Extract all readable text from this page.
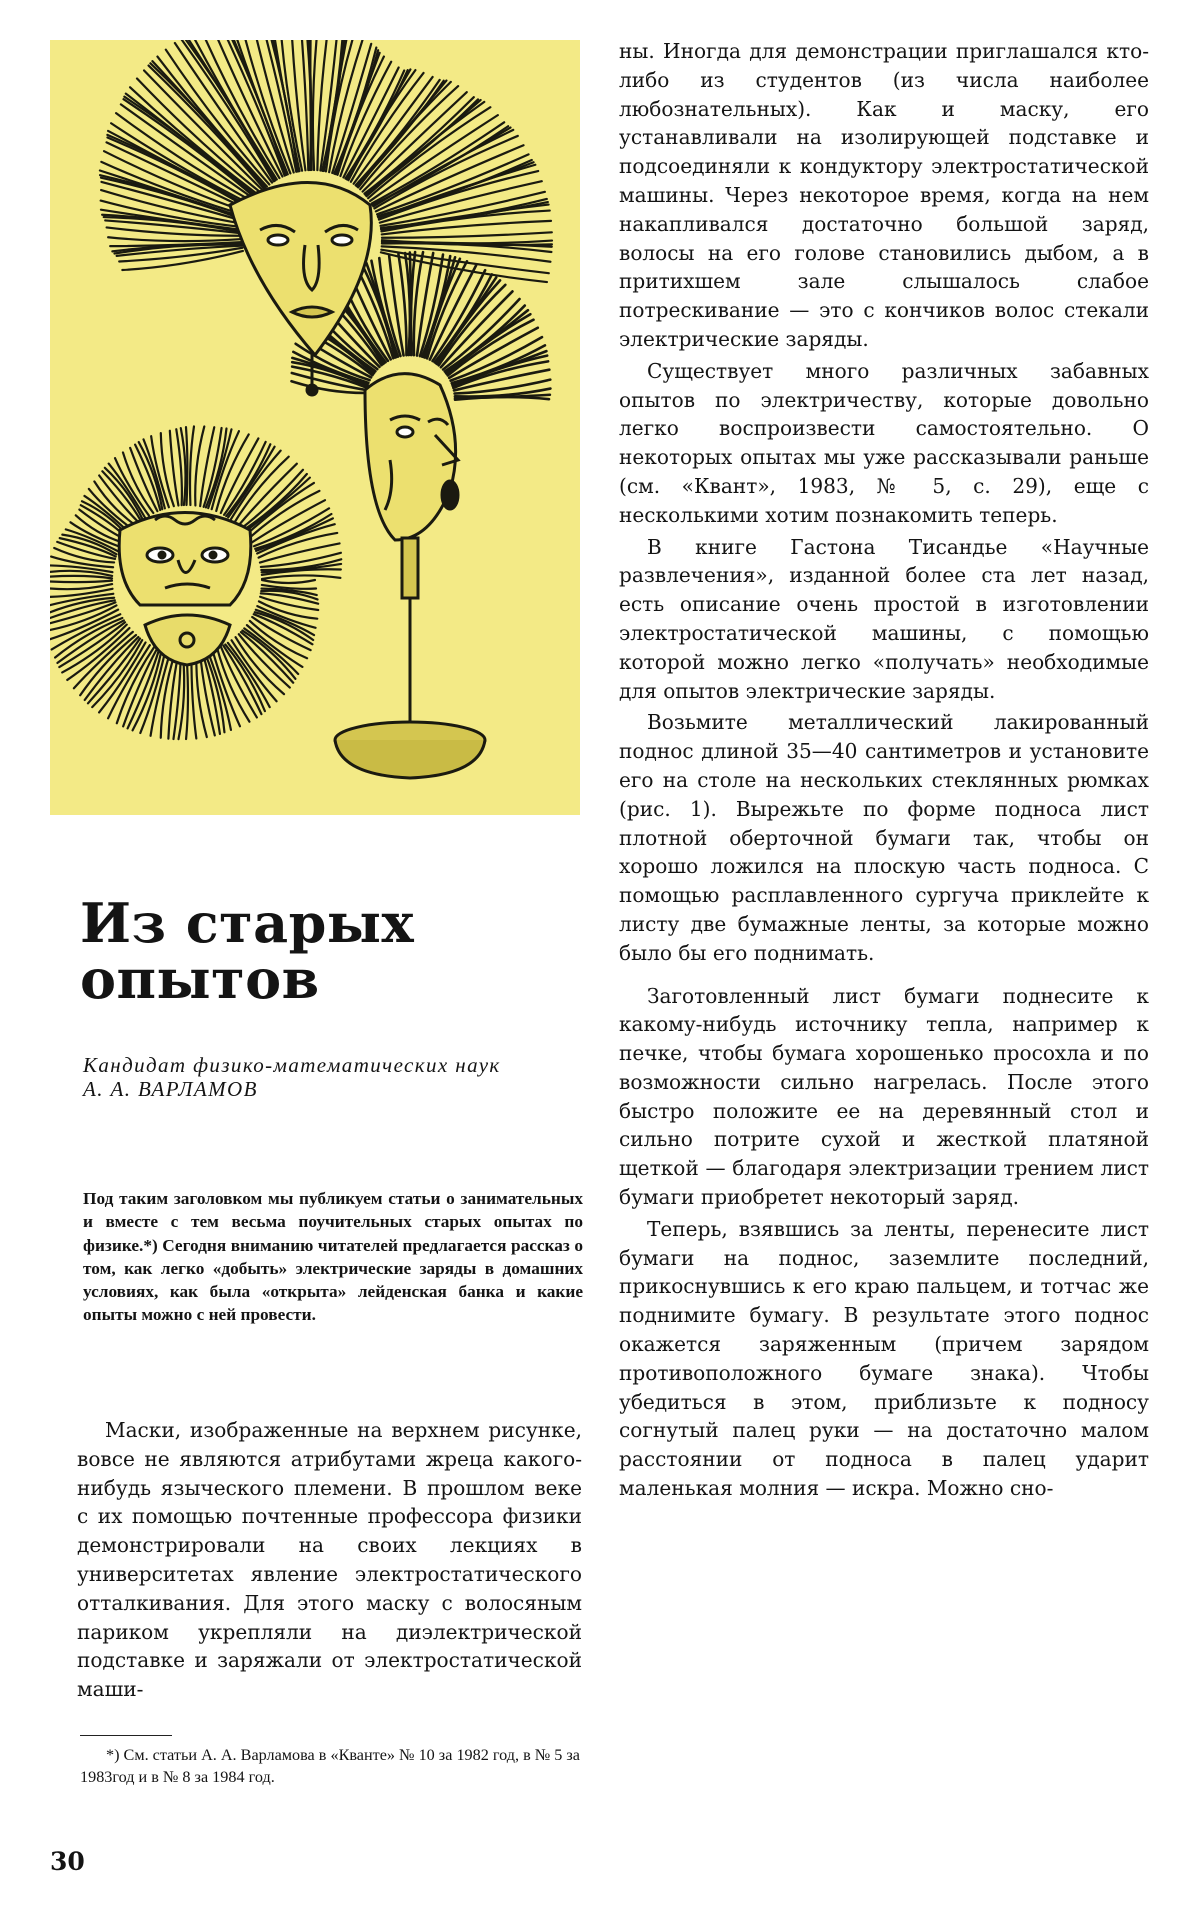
Из старых
опытов
Кандидат физико-математических наук
А. А. ВАРЛАМОВ

Под таким заголовком мы публикуем статьи о занимательных и вместе с тем весьма поучительных старых опытах по физике.*) Сегодня вниманию читателей предлагается рассказ о том, как легко «добыть» электрические заряды в домашних условиях, как была «открыта» лейденская банка и какие опыты можно с ней провести.

Маски, изображенные на верхнем рисунке, вовсе не являются атрибутами жреца какого-нибудь языческого племени. В прошлом веке с их помощью почтенные профессора физики демонстрировали на своих лекциях в университетах явление электростатического отталкивания. Для этого маску с волосяным париком укрепляли на диэлектрической подставке и заряжали от электростатической маши-

*) См. статьи А. А. Варламова в «Кванте» № 10 за 1982 год, в № 5 за 1983год и в № 8 за 1984 год.

ны. Иногда для демонстрации приглашался кто-либо из студентов (из числа наиболее любознательных). Как и маску, его устанавливали на изолирующей подставке и подсоединяли к кондуктору электростатической машины. Через некоторое время, когда на нем накапливался достаточно большой заряд, волосы на его голове становились дыбом, а в притихшем зале слышалось слабое потрескивание — это с кончиков волос стекали электрические заряды.

Существует много различных забавных опытов по электричеству, которые довольно легко воспроизвести самостоятельно. О некоторых опытах мы уже рассказывали раньше (см. «Квант», 1983, № 5, с. 29), еще с несколькими хотим познакомить теперь.

В книге Гастона Тисандье «Научные развлечения», изданной более ста лет назад, есть описание очень простой в изготовлении электростатической машины, с помощью которой можно легко «получать» необходимые для опытов электрические заряды.

Возьмите металлический лакированный поднос длиной 35—40 сантиметров и установите его на столе на нескольких стеклянных рюмках (рис. 1). Вырежьте по форме подноса лист плотной оберточной бумаги так, чтобы он хорошо ложился на плоскую часть подноса. С помощью расплавленного сургуча приклейте к листу две бумажные ленты, за которые можно было бы его поднимать.

Заготовленный лист бумаги поднесите к какому-нибудь источнику тепла, например к печке, чтобы бумага хорошенько просохла и по возможности сильно нагрелась. После этого быстро положите ее на деревянный стол и сильно потрите сухой и жесткой платяной щеткой — благодаря электризации трением лист бумаги приобретет некоторый заряд.

Теперь, взявшись за ленты, перенесите лист бумаги на поднос, заземлите последний, прикоснувшись к его краю пальцем, и тотчас же поднимите бумагу. В результате этого поднос окажется заряженным (причем зарядом противоположного бумаге знака). Чтобы убедиться в этом, приблизьте к подносу согнутый палец руки — на достаточно малом расстоянии от подноса в палец ударит маленькая молния — искра. Можно сно-

30
